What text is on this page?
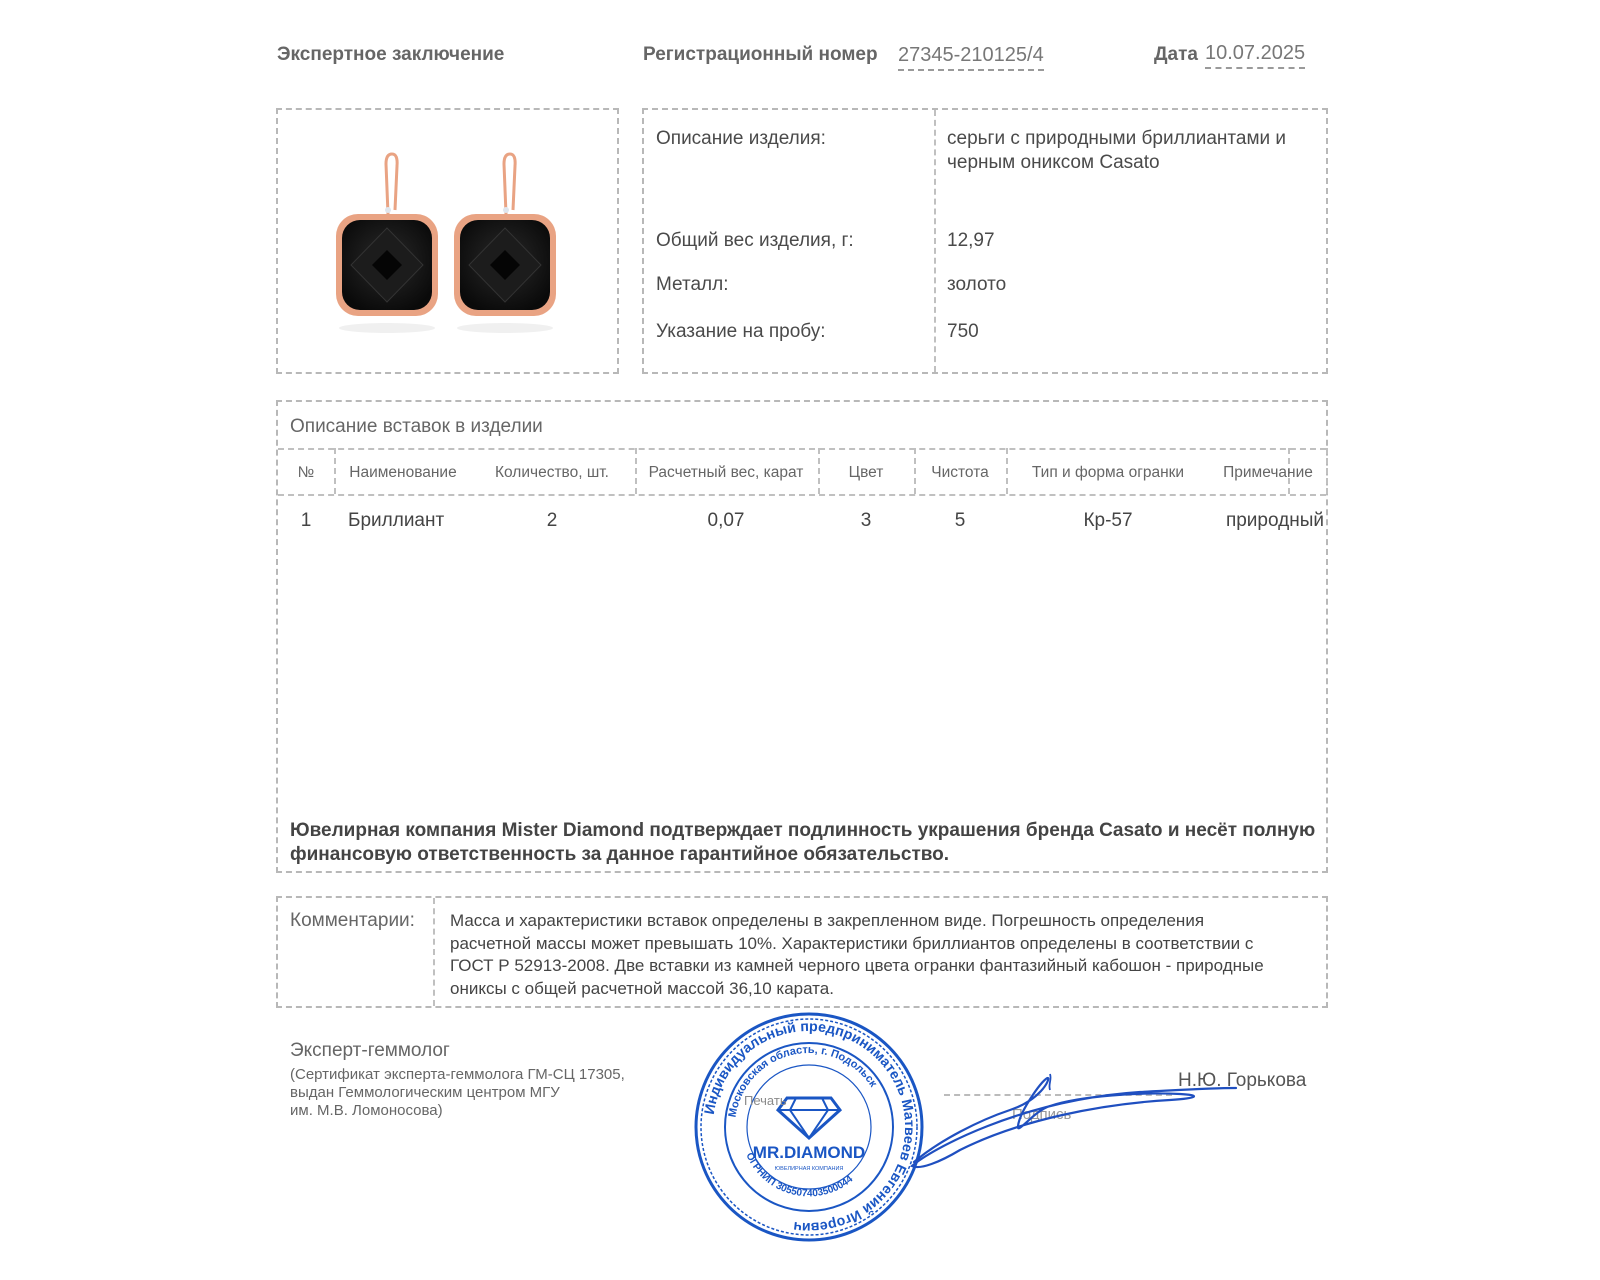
Экспертное заключение	Регистрационный номер 27345-210125/4	Дата 10.07.2025
Описание изделия:	серьги с природными бриллиантами и
черным ониксом Casato
Общий вес изделия, г:	12,97
Металл:	золото
Указание на пробу:	750
Описание вставок в изделии
№	Наименование	Количество, шт.	Расчетный вес, карат	Цвет	Чистота	Тип и форма огранки	Примечание
1	Бриллиант	2	0,07	3	5	Кр-57	природный
Ювелирная компания Mister Diamond подтверждает подлинность украшения бренда Casato и несёт полную
финансовую ответственность за данное гарантийное обязательство.
Комментарии: Масса и характеристики вставок определены в закрепленном виде. Погрешность определения
расчетной массы может превышать 10%. Характеристики бриллиантов определены в соответствии с
ГОСТ Р 52913-2008. Две вставки из камней черного цвета огранки фантазийный кабошон - природные
ониксы с общей расчетной массой 36,10 карата.
Эксперт-геммолог
(Сертификат эксперта-геммолога ГМ-СЦ 17305,
выдан Геммологическим центром МГУ
им. М.В. Ломоносова)	Подпись
Н.Ю. Горькова
Индивидуальный предприниматель Матвеев Евгений Игоревич
Московская область, г. Подольск
ОГРНИП 305507403500044
Печать
MR.DIAMOND
ЮВЕЛИРНАЯ КОМПАНИЯ
